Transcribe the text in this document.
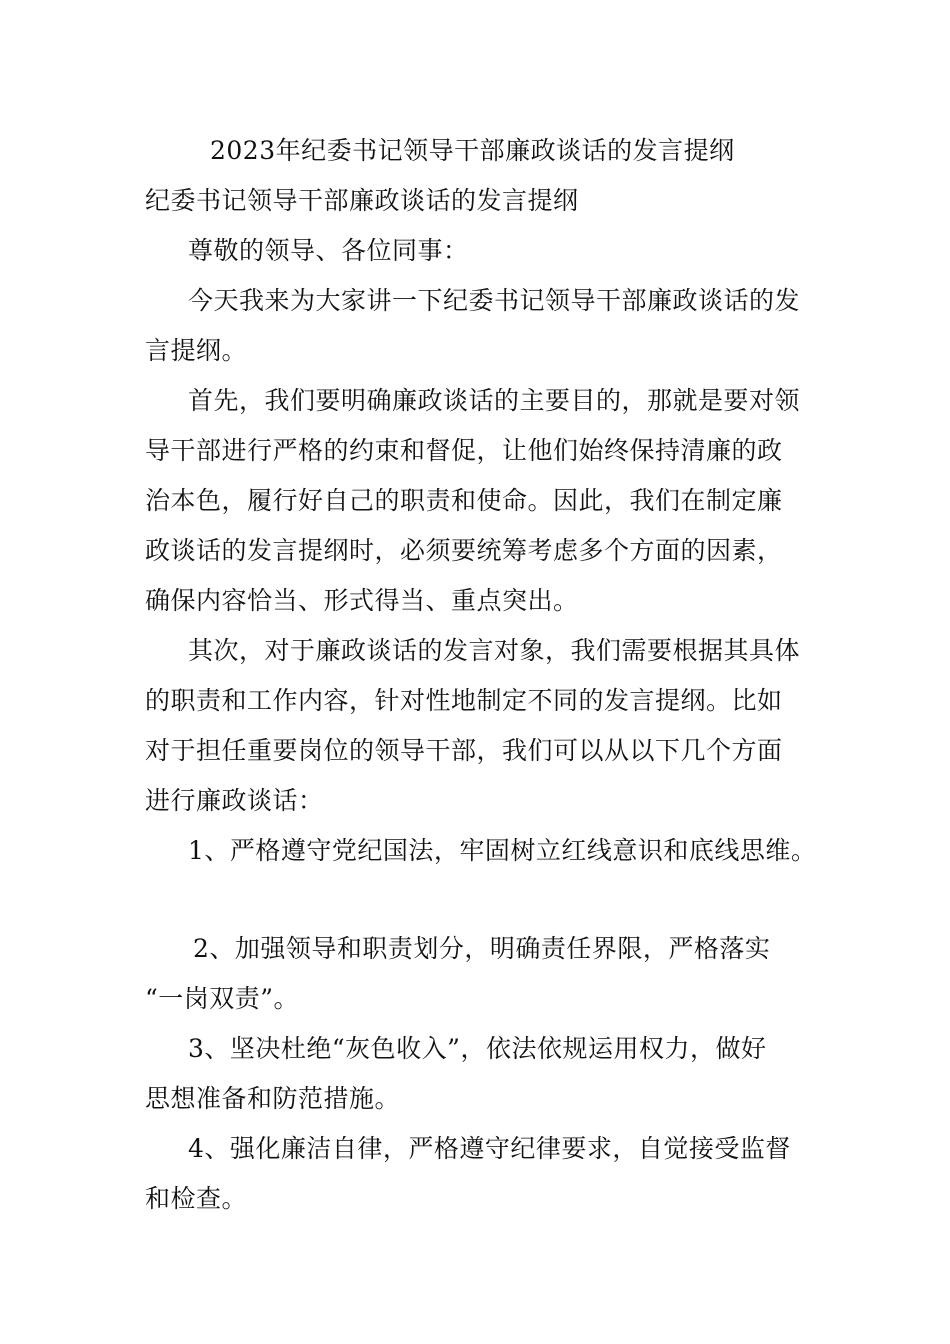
2023年纪委书记领导干部廉政谈话的发言提纲
纪委书记领导干部廉政谈话的发言提纲
尊敬的领导、各位同事：
今天我来为大家讲一下纪委书记领导干部廉政谈话的发
言提纲。
首先，我们要明确廉政谈话的主要目的，那就是要对领
导干部进行严格的约束和督促，让他们始终保持清廉的政
治本色，履行好自己的职责和使命。因此，我们在制定廉
政谈话的发言提纲时，必须要统筹考虑多个方面的因素，
确保内容恰当、形式得当、重点突出。
其次，对于廉政谈话的发言对象，我们需要根据其具体
的职责和工作内容，针对性地制定不同的发言提纲。比如
对于担任重要岗位的领导干部，我们可以从以下几个方面
进行廉政谈话：
1、严格遵守党纪国法，牢固树立红线意识和底线思维。
2、加强领导和职责划分，明确责任界限，严格落实
“一岗双责”。
3、坚决杜绝“灰色收入”，依法依规运用权力，做好
思想准备和防范措施。
4、强化廉洁自律，严格遵守纪律要求，自觉接受监督
和检查。
